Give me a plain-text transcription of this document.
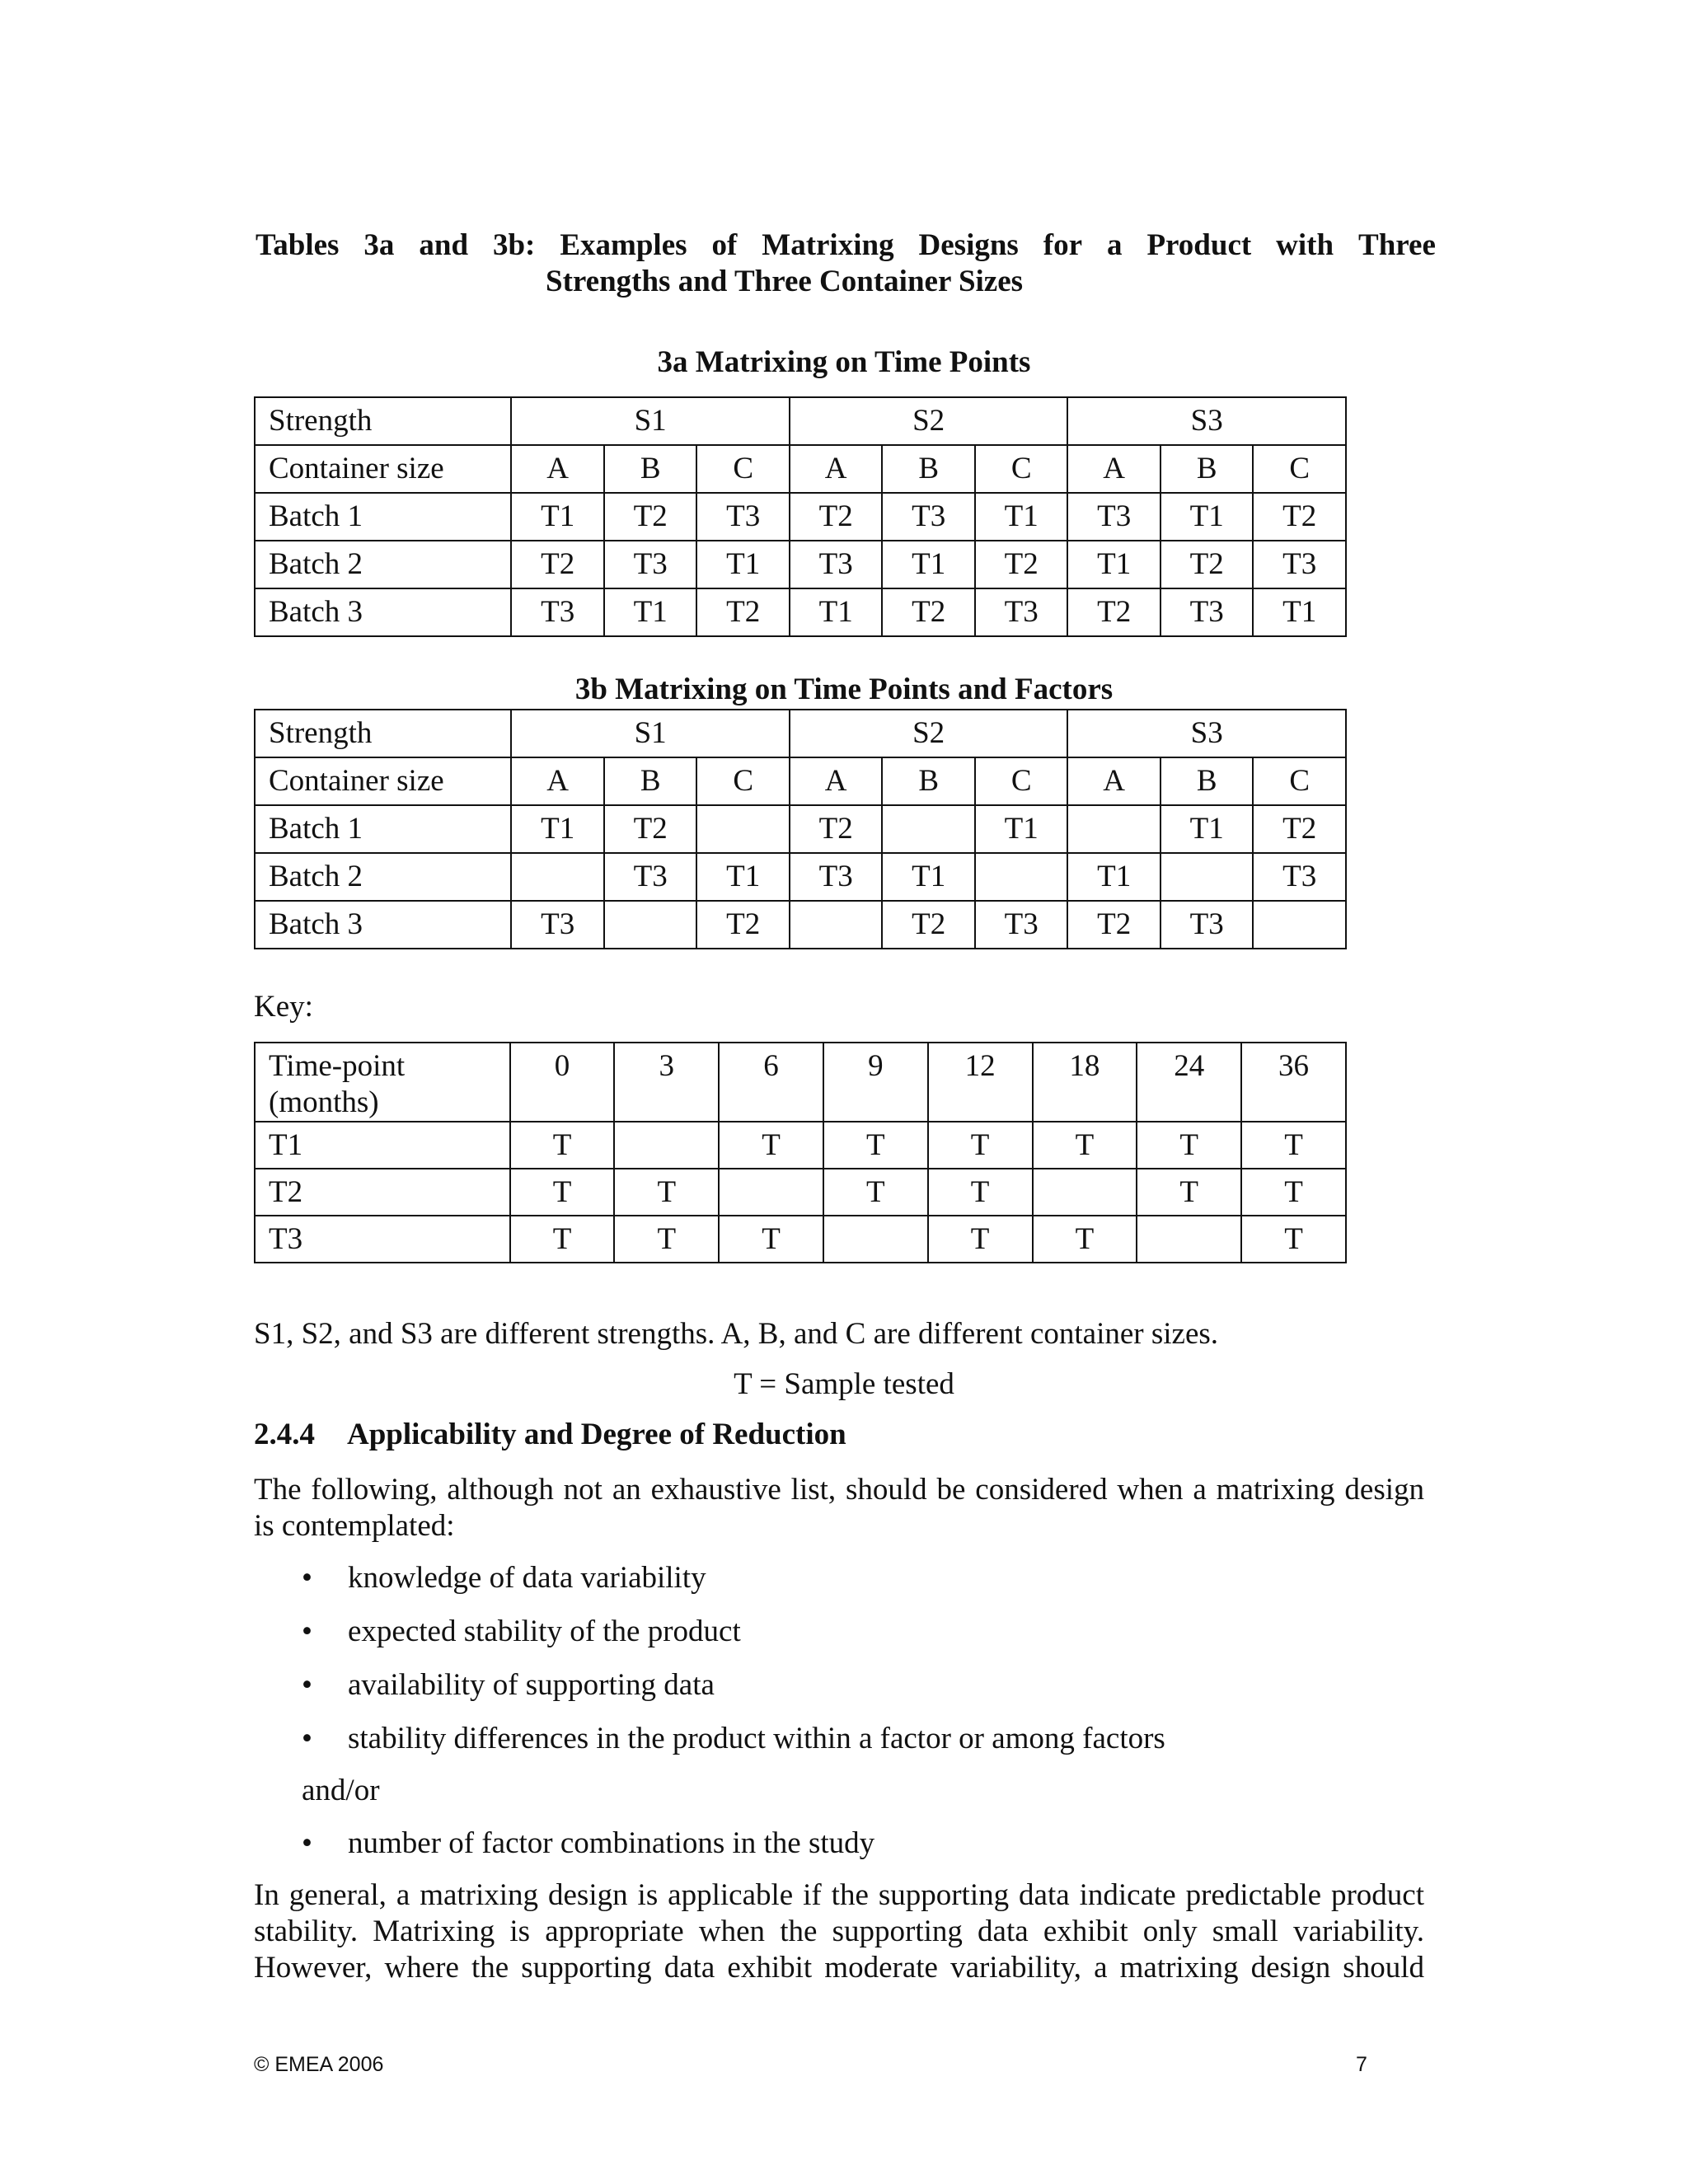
Tables 3a and 3b: Examples of Matrixing Designs for a Product with Three
Strengths and Three Container Sizes
3a Matrixing on Time Points
Strength	S1			S2			S3		
Container size	A	B	C	A	B	C	A	B	C
Batch 1	T1	T2	T3	T2	T3	T1	T3	T1	T2
Batch 2	T2	T3	T1	T3	T1	T2	T1	T2	T3
Batch 3	T3	T1	T2	T1	T2	T3	T2	T3	T1
3b Matrixing on Time Points and Factors
Strength	S1			S2			S3		
Container size	A	B	C	A	B	C	A	B	C
Batch 1	T1	T2		T2		T1		T1	T2
Batch 2		T3	T1	T3	T1		T1		T3
Batch 3	T3		T2		T2	T3	T2	T3	
Key:
Time-point
(months)	0	3	6	9	12	18	24	36
T1	T		T	T	T	T	T	T
T2	T	T		T	T		T	T
T3	T	T	T		T	T		T
S1, S2, and S3 are different strengths. A, B, and C are different container sizes.
T = Sample tested
2.4.4 Applicability and Degree of Reduction
The following, although not an exhaustive list, should be considered when a matrixing design
is contemplated:
• knowledge of data variability
• expected stability of the product
• availability of supporting data
• stability differences in the product within a factor or among factors
and/or
• number of factor combinations in the study
In general, a matrixing design is applicable if the supporting data indicate predictable product
stability. Matrixing is appropriate when the supporting data exhibit only small variability.
However, where the supporting data exhibit moderate variability, a matrixing design should
© EMEA 2006	7
